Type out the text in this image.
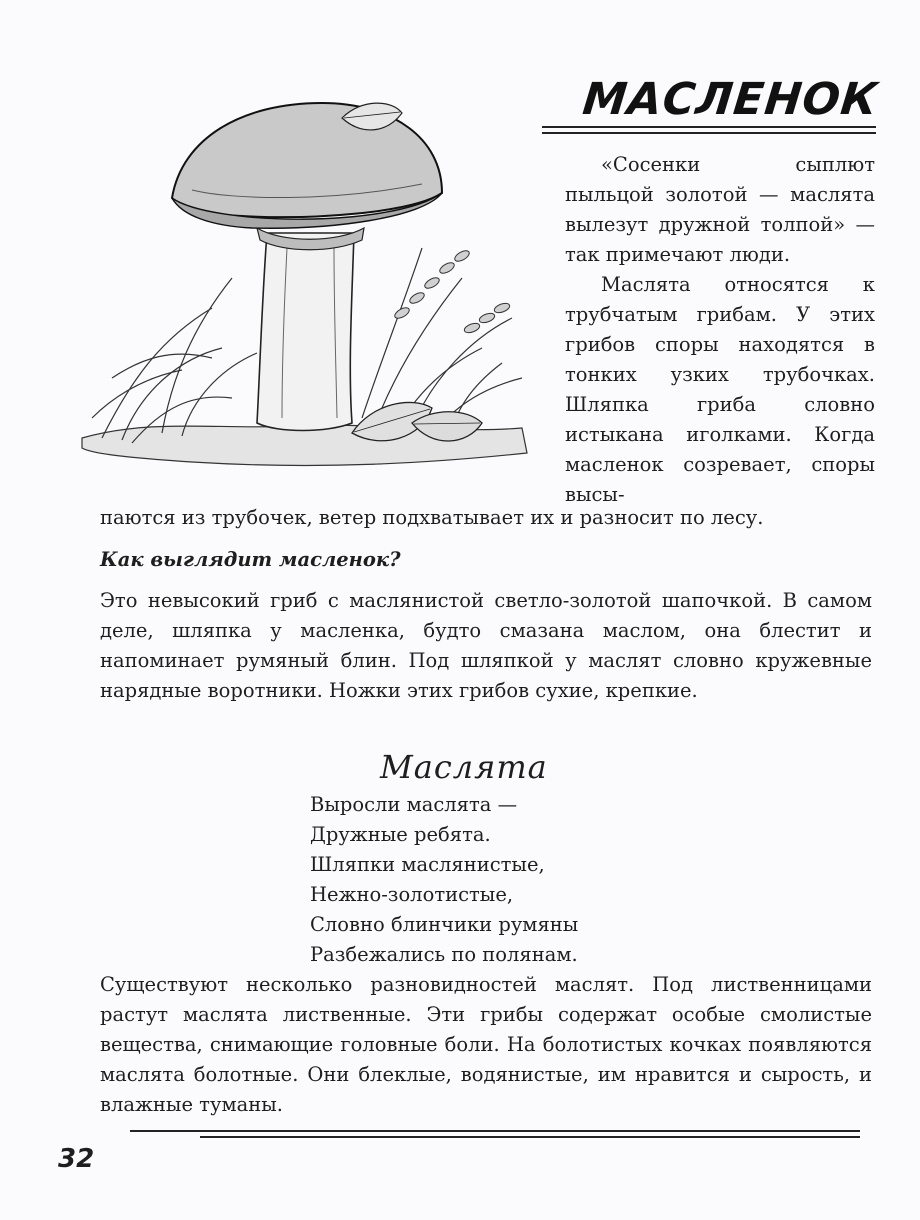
МАСЛЕНОК

«Сосенки сыплют пыльцой золотой — маслята вылезут дружной толпой» — так примечают люди.

Маслята относятся к трубчатым грибам. У этих грибов споры находятся в тонких узких трубочках. Шляпка гриба словно истыкана иголками. Когда масленок созревает, споры высы-

паются из трубочек, ветер подхватывает их и разносит по лесу.

Как выглядит масленок?

Это невысокий гриб с маслянистой светло-золотой шапочкой. В самом деле, шляпка у масленка, будто смазана маслом, она блестит и напоминает румяный блин. Под шляпкой у маслят словно кружевные нарядные воротники. Ножки этих грибов сухие, крепкие.

Маслята
Выросли маслята —
Дружные ребята.
Шляпки маслянистые,
Нежно-золотистые,
Словно блинчики румяны
Разбежались по полянам.

Существуют несколько разновидностей маслят. Под лиственницами растут маслята лиственные. Эти грибы содержат особые смолистые вещества, снимающие головные боли. На болотистых кочках появляются маслята болотные. Они блеклые, водянистые, им нравится и сырость, и влажные туманы.

32
